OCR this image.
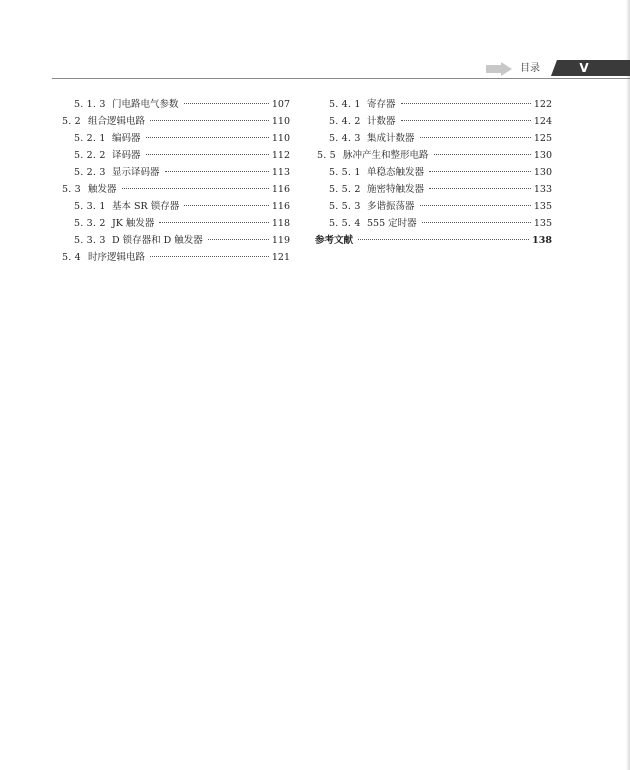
目录	V
5. 1. 3 门电路电气参数	107
5. 2 组合逻辑电路	110
5. 2. 1 编码器	110
5. 2. 2 译码器	112
5. 2. 3 显示译码器	113
5. 3 触发器	116
5. 3. 1 基本 SR 锁存器	116
5. 3. 2 JK 触发器	118
5. 3. 3 D 锁存器和 D 触发器	119
5. 4 时序逻辑电路	121
5. 4. 1 寄存器	122
5. 4. 2 计数器	124
5. 4. 3 集成计数器	125
5. 5 脉冲产生和整形电路	130
5. 5. 1 单稳态触发器	130
5. 5. 2 施密特触发器	133
5. 5. 3 多谐振荡器	135
5. 5. 4 555 定时器	135
参考文献	138
